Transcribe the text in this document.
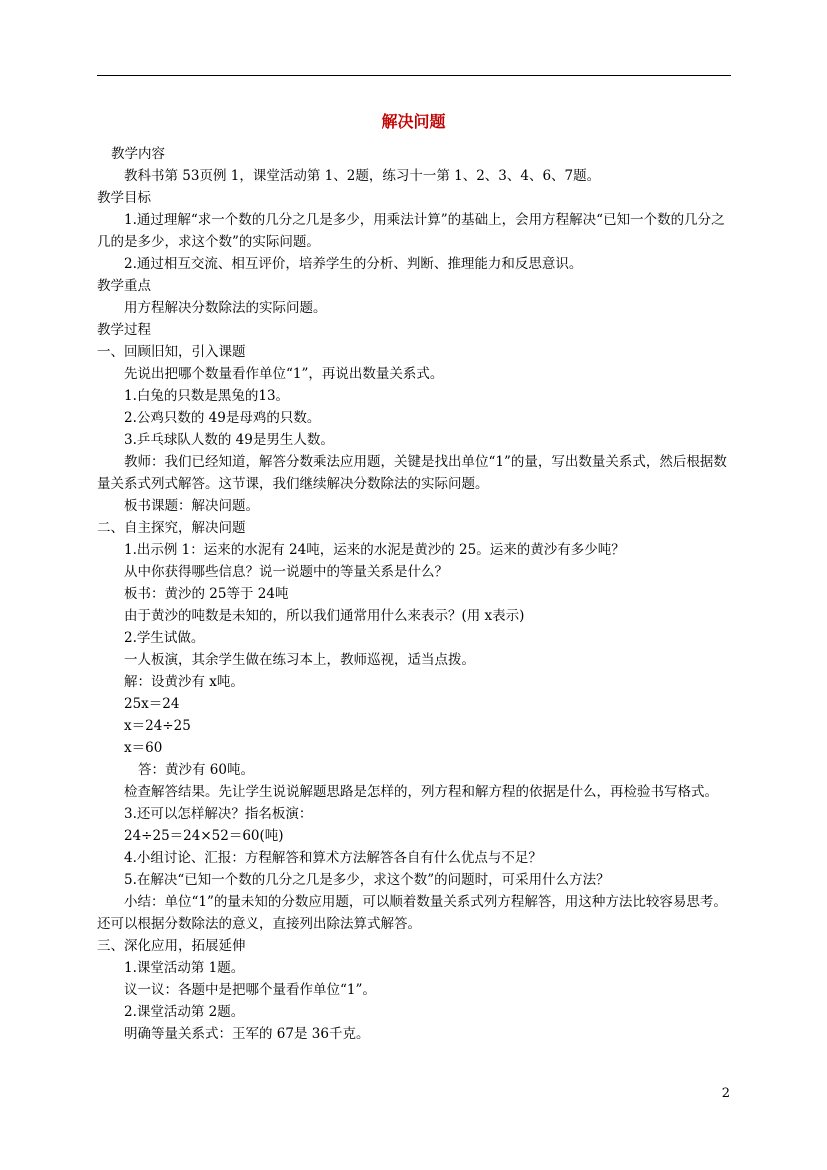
解决问题

教学内容

教科书第 53页例 1，课堂活动第 1、2题，练习十一第 1、2、3、4、6、7题。

教学目标

1.通过理解“求一个数的几分之几是多少，用乘法计算”的基础上，会用方程解决“已知一个数的几分之几的是多少，求这个数”的实际问题。

2.通过相互交流、相互评价，培养学生的分析、判断、推理能力和反思意识。

教学重点

用方程解决分数除法的实际问题。

教学过程

一、回顾旧知，引入课题

先说出把哪个数量看作单位“1”，再说出数量关系式。

1.白兔的只数是黑兔的13。

2.公鸡只数的 49是母鸡的只数。

3.乒乓球队人数的 49是男生人数。

教师：我们已经知道，解答分数乘法应用题，关键是找出单位“1”的量，写出数量关系式，然后根据数量关系式列式解答。这节课，我们继续解决分数除法的实际问题。

板书课题：解决问题。

二、自主探究，解决问题

1.出示例 1：运来的水泥有 24吨，运来的水泥是黄沙的 25。运来的黄沙有多少吨？

从中你获得哪些信息？说一说题中的等量关系是什么？

板书：黄沙的 25等于 24吨

由于黄沙的吨数是未知的，所以我们通常用什么来表示？(用 x表示)

2.学生试做。

一人板演，其余学生做在练习本上，教师巡视，适当点拨。

解：设黄沙有 x吨。

25x＝24

x＝24÷25

x＝60

答：黄沙有 60吨。

检查解答结果。先让学生说说解题思路是怎样的，列方程和解方程的依据是什么，再检验书写格式。

3.还可以怎样解决？指名板演：

24÷25＝24×52＝60(吨)

4.小组讨论、汇报：方程解答和算术方法解答各自有什么优点与不足？

5.在解决“已知一个数的几分之几是多少，求这个数”的问题时，可采用什么方法？

小结：单位“1”的量未知的分数应用题，可以顺着数量关系式列方程解答，用这种方法比较容易思考。还可以根据分数除法的意义，直接列出除法算式解答。

三、深化应用，拓展延伸

1.课堂活动第 1题。

议一议：各题中是把哪个量看作单位“1”。

2.课堂活动第 2题。

明确等量关系式：王军的 67是 36千克。

2
